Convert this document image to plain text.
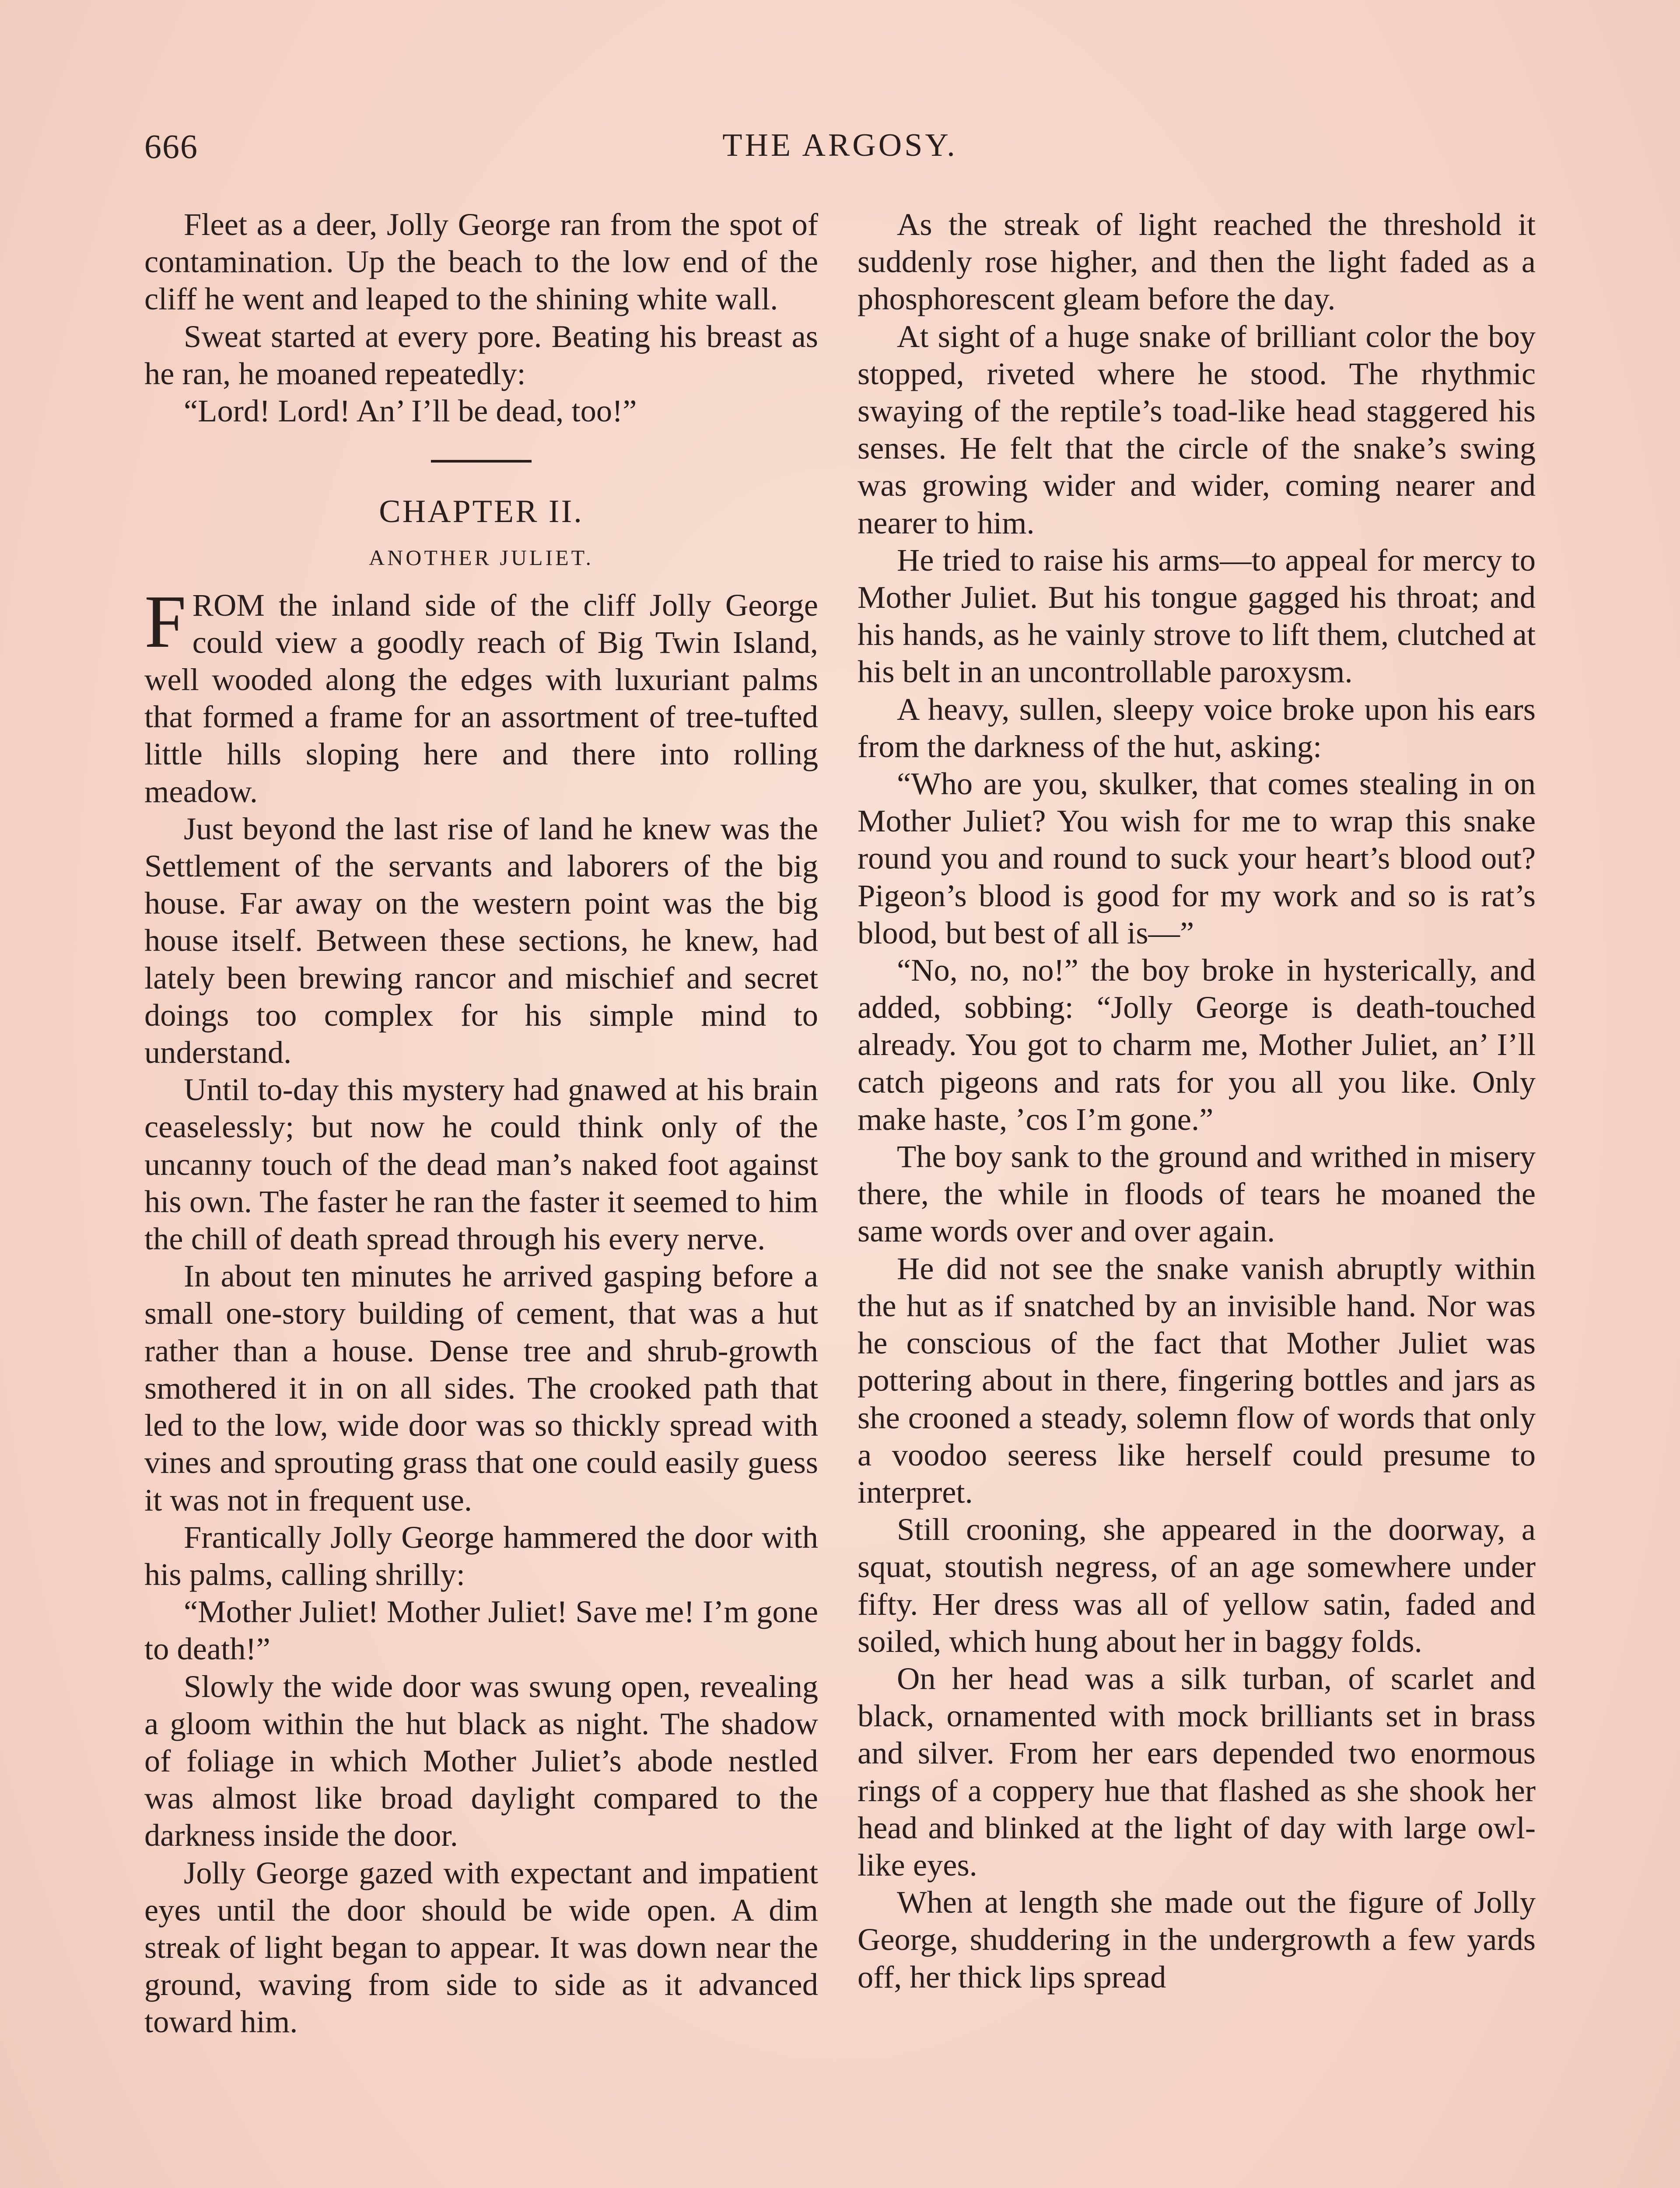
666	THE ARGOSY.

Fleet as a deer, Jolly George ran from the spot of contamination. Up the beach to the low end of the cliff he went and leaped to the shining white wall.

Sweat started at every pore. Beating his breast as he ran, he moaned repeatedly:

“Lord! Lord! An’ I’ll be dead, too!”

CHAPTER II.
ANOTHER JULIET.

FROM the inland side of the cliff Jolly George could view a goodly reach of Big Twin Island, well wooded along the edges with luxuriant palms that formed a frame for an assortment of tree-tufted little hills sloping here and there into rolling meadow.

Just beyond the last rise of land he knew was the Settlement of the servants and laborers of the big house. Far away on the western point was the big house itself. Between these sections, he knew, had lately been brewing rancor and mischief and secret doings too complex for his simple mind to understand.

Until to-day this mystery had gnawed at his brain ceaselessly; but now he could think only of the uncanny touch of the dead man’s naked foot against his own. The faster he ran the faster it seemed to him the chill of death spread through his every nerve.

In about ten minutes he arrived gasping before a small one-story building of cement, that was a hut rather than a house. Dense tree and shrub-growth smothered it in on all sides. The crooked path that led to the low, wide door was so thickly spread with vines and sprouting grass that one could easily guess it was not in frequent use.

Frantically Jolly George hammered the door with his palms, calling shrilly:

“Mother Juliet! Mother Juliet! Save me! I’m gone to death!”

Slowly the wide door was swung open, revealing a gloom within the hut black as night. The shadow of foliage in which Mother Juliet’s abode nestled was almost like broad daylight compared to the darkness inside the door.

Jolly George gazed with expectant and impatient eyes until the door should be wide open. A dim streak of light began to appear. It was down near the ground, waving from side to side as it advanced toward him.

As the streak of light reached the threshold it suddenly rose higher, and then the light faded as a phosphorescent gleam before the day.

At sight of a huge snake of brilliant color the boy stopped, riveted where he stood. The rhythmic swaying of the reptile’s toad-like head staggered his senses. He felt that the circle of the snake’s swing was growing wider and wider, coming nearer and nearer to him.

He tried to raise his arms—to appeal for mercy to Mother Juliet. But his tongue gagged his throat; and his hands, as he vainly strove to lift them, clutched at his belt in an uncontrollable paroxysm.

A heavy, sullen, sleepy voice broke upon his ears from the darkness of the hut, asking:

“Who are you, skulker, that comes stealing in on Mother Juliet? You wish for me to wrap this snake round you and round to suck your heart’s blood out? Pigeon’s blood is good for my work and so is rat’s blood, but best of all is—”

“No, no, no!” the boy broke in hysterically, and added, sobbing: “Jolly George is death-touched already. You got to charm me, Mother Juliet, an’ I’ll catch pigeons and rats for you all you like. Only make haste, ’cos I’m gone.”

The boy sank to the ground and writhed in misery there, the while in floods of tears he moaned the same words over and over again.

He did not see the snake vanish abruptly within the hut as if snatched by an invisible hand. Nor was he conscious of the fact that Mother Juliet was pottering about in there, fingering bottles and jars as she crooned a steady, solemn flow of words that only a voodoo seeress like herself could presume to interpret.

Still crooning, she appeared in the doorway, a squat, stoutish negress, of an age somewhere under fifty. Her dress was all of yellow satin, faded and soiled, which hung about her in baggy folds.

On her head was a silk turban, of scarlet and black, ornamented with mock brilliants set in brass and silver. From her ears depended two enormous rings of a coppery hue that flashed as she shook her head and blinked at the light of day with large owl-like eyes.

When at length she made out the figure of Jolly George, shuddering in the undergrowth a few yards off, her thick lips spread
